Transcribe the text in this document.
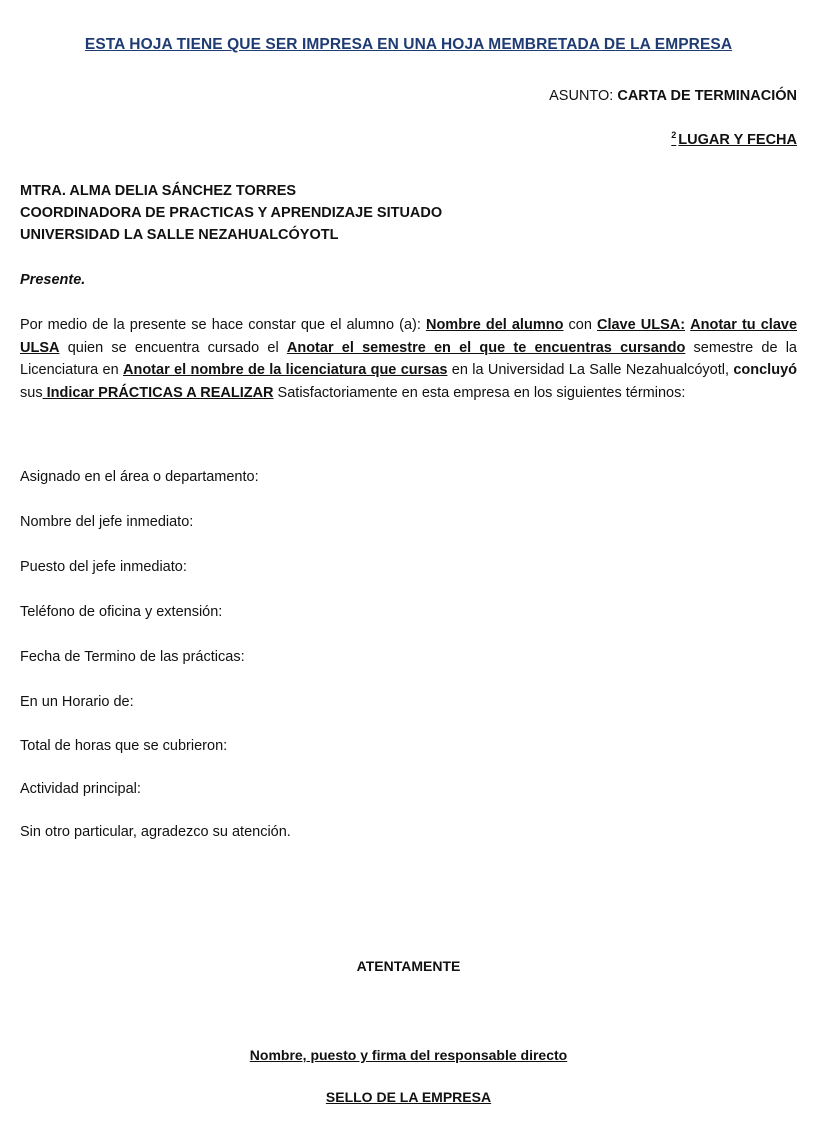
ESTA HOJA TIENE QUE SER IMPRESA EN UNA HOJA MEMBRETADA DE LA EMPRESA
ASUNTO: CARTA DE TERMINACIÓN
$^2$ LUGAR Y FECHA
MTRA. ALMA DELIA SÁNCHEZ TORRES
COORDINADORA DE PRACTICAS Y APRENDIZAJE SITUADO
UNIVERSIDAD LA SALLE NEZAHUALCÓYOTL
Presente.
Por medio de la presente se hace constar que el alumno (a): Nombre del alumno con Clave ULSA: Anotar tu clave ULSA quien se encuentra cursado el Anotar el semestre en el que te encuentras cursando semestre de la Licenciatura en Anotar el nombre de la licenciatura que cursas en la Universidad La Salle Nezahualcóyotl, concluyó sus Indicar PRÁCTICAS A REALIZAR Satisfactoriamente en esta empresa en los siguientes términos:
Asignado en el área o departamento:
Nombre del jefe inmediato:
Puesto del jefe inmediato:
Teléfono de oficina y extensión:
Fecha de Termino de las prácticas:
En un Horario de:
Total de horas que se cubrieron:
Actividad principal:
Sin otro particular, agradezco su atención.
ATENTAMENTE
Nombre, puesto y firma del responsable directo
SELLO DE LA EMPRESA
